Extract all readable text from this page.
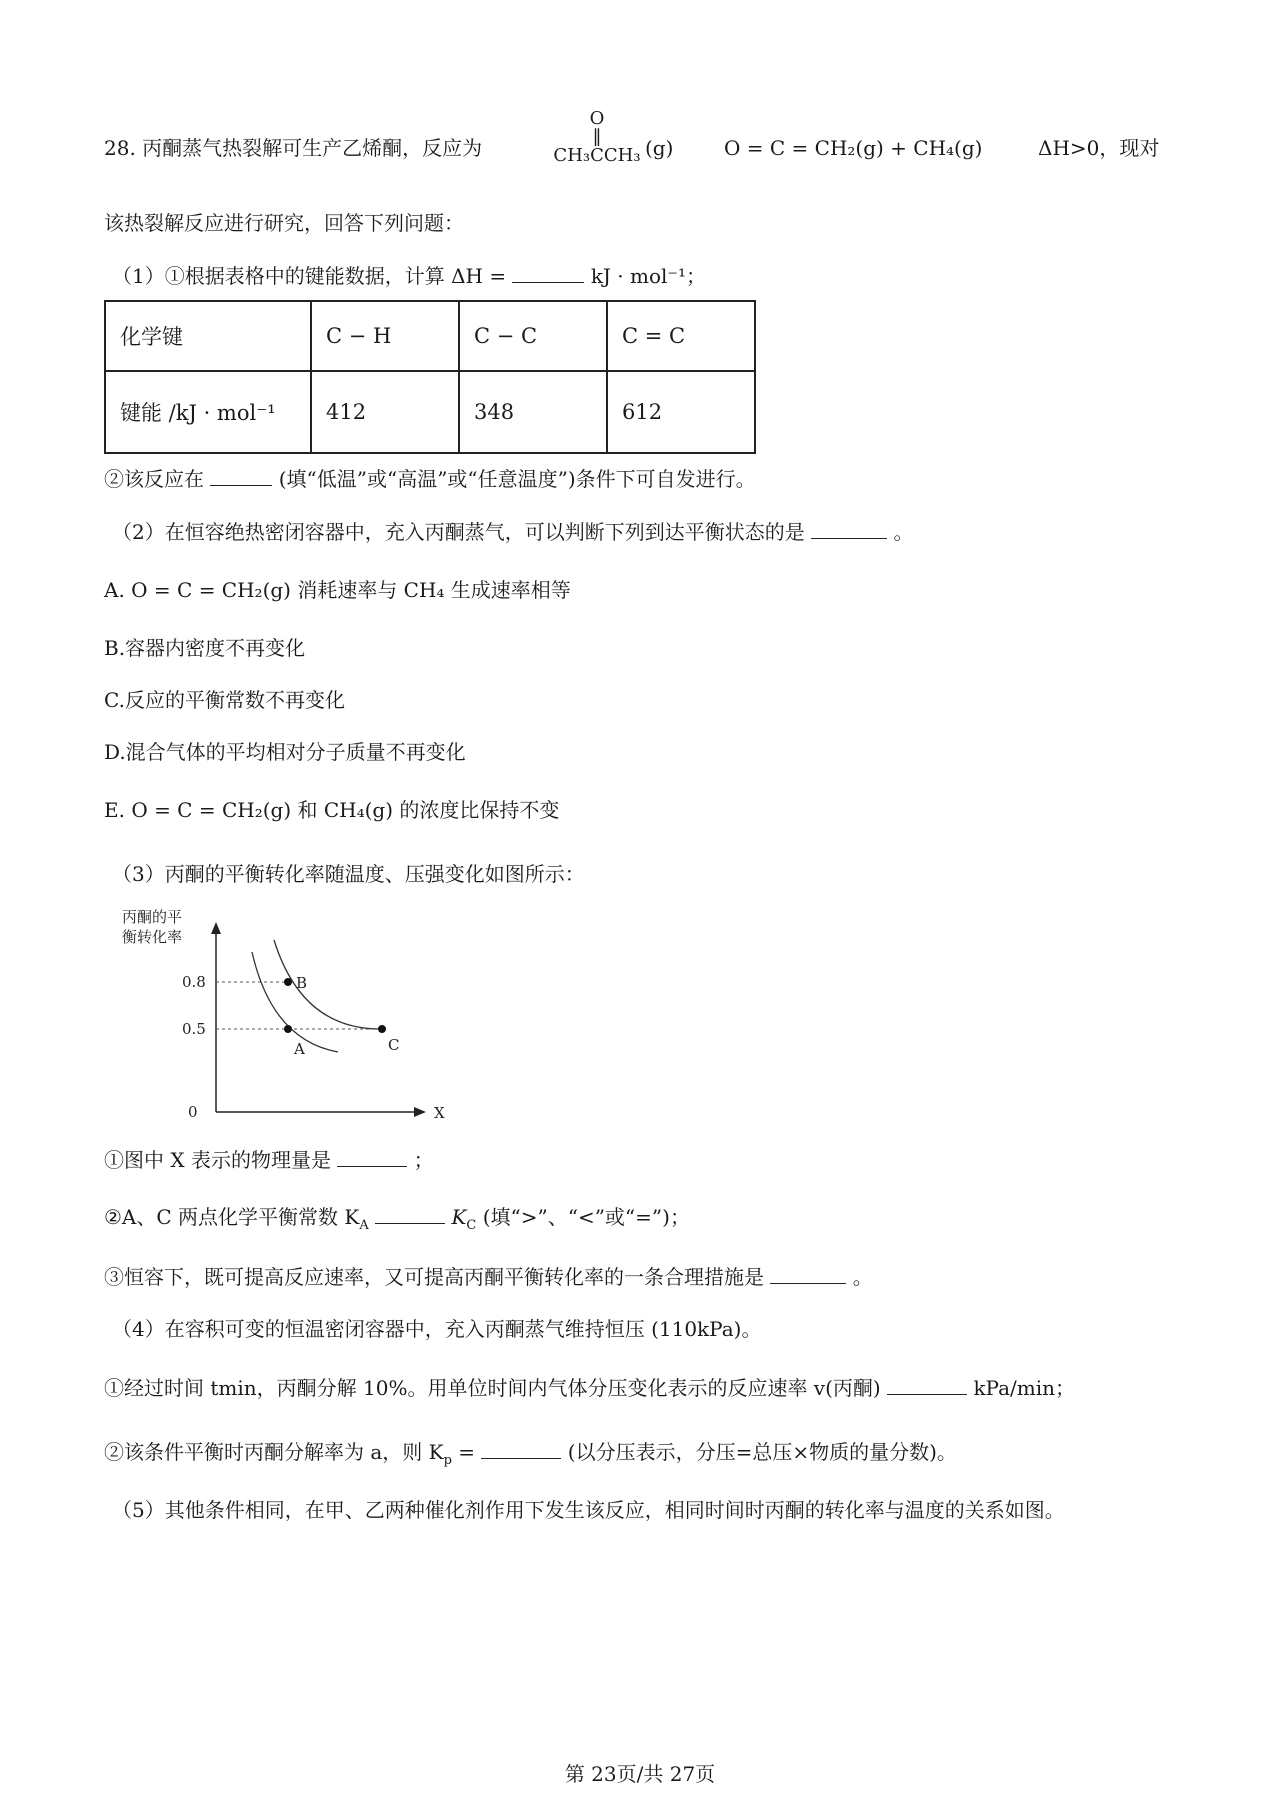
28. 丙酮蒸气热裂解可生产乙烯酮，反应为
O
‖
CH₃CCH₃ (g)	O = C = CH₂(g) + CH₄(g)	ΔH>0，现对
该热裂解反应进行研究，回答下列问题：
（1）①根据表格中的键能数据，计算 ΔH =	kJ · mol⁻¹；
化学键	C − H	C − C	C = C
键能 /kJ · mol⁻¹	412	348	612
②该反应在	(填“低温”或“高温”或“任意温度”)条件下可自发进行。
（2）在恒容绝热密闭容器中，充入丙酮蒸气，可以判断下列到达平衡状态的是	。
A. O = C = CH₂(g) 消耗速率与 CH₄ 生成速率相等
B.容器内密度不再变化
C.反应的平衡常数不再变化
D.混合气体的平均相对分子质量不再变化
E. O = C = CH₂(g) 和 CH₄(g) 的浓度比保持不变
（3）丙酮的平衡转化率随温度、压强变化如图所示：
丙酮的平
衡转化率
X
0
0.8
0.5
B
A	C
①图中 X 表示的物理量是	；
②A、C 两点化学平衡常数 $K_A$	$K_C$ (填“>”、“<”或“=”)；
③恒容下，既可提高反应速率，又可提高丙酮平衡转化率的一条合理措施是	。
（4）在容积可变的恒温密闭容器中，充入丙酮蒸气维持恒压 (110kPa)。
①经过时间 tmin，丙酮分解 10%。用单位时间内气体分压变化表示的反应速率 v(丙酮)	kPa/min；
②该条件平衡时丙酮分解率为 a，则 $K_p$ =	(以分压表示，分压=总压×物质的量分数)。
（5）其他条件相同，在甲、乙两种催化剂作用下发生该反应，相同时间时丙酮的转化率与温度的关系如图。
第 23页/共 27页
